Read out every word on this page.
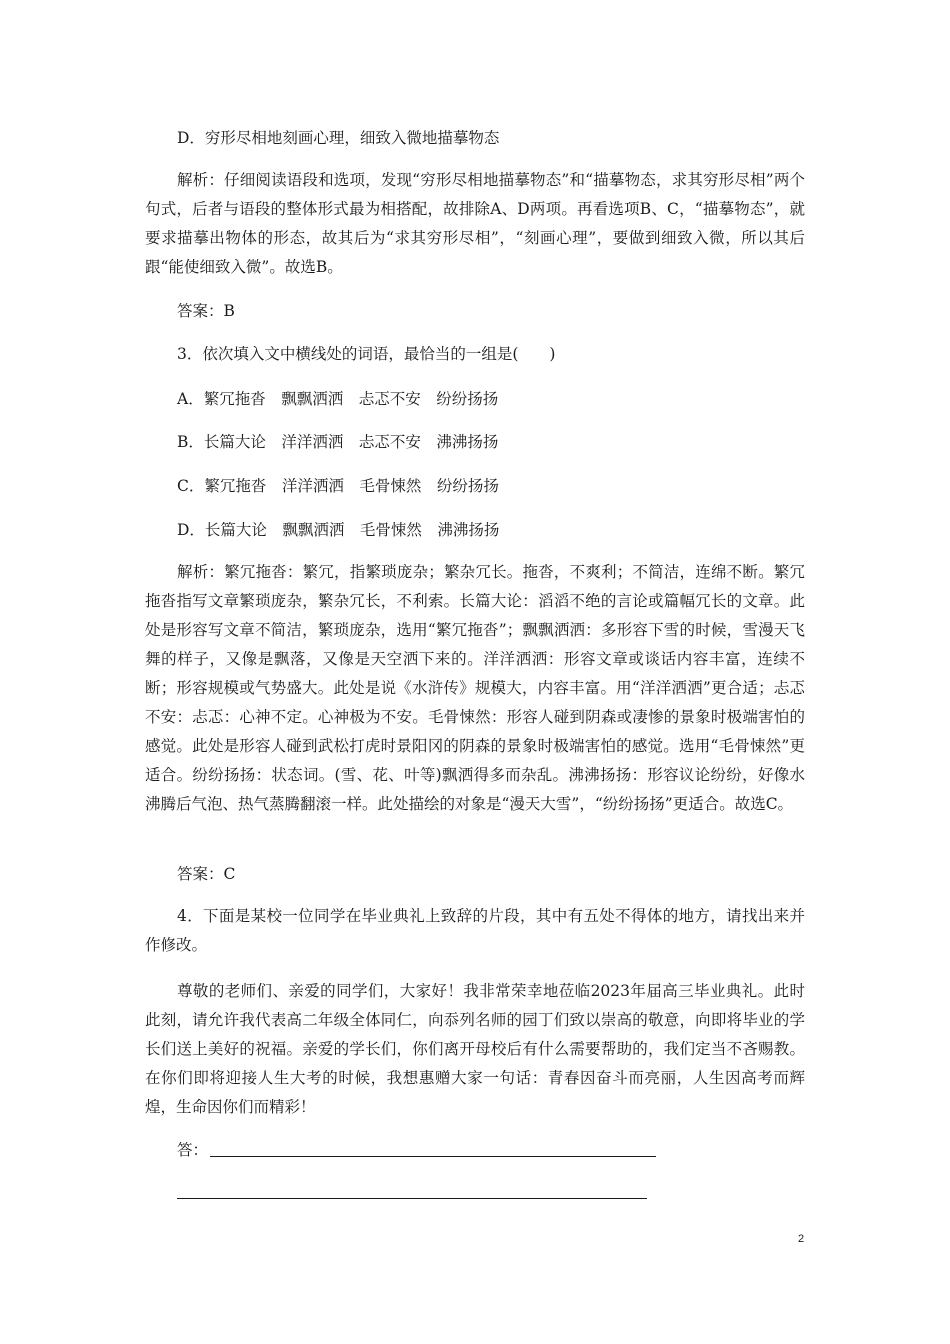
D．穷形尽相地刻画心理，细致入微地描摹物态

解析：仔细阅读语段和选项，发现“穷形尽相地描摹物态”和“描摹物态，求其穷形尽相”两个句式，后者与语段的整体形式最为相搭配，故排除A、D两项。再看选项B、C，“描摹物态”，就要求描摹出物体的形态，故其后为“求其穷形尽相”，“刻画心理”，要做到细致入微，所以其后跟“能使细致入微”。故选B。

答案：B
3．依次填入文中横线处的词语，最恰当的一组是(　　)
A．繁冗拖沓　飘飘洒洒　忐忑不安　纷纷扬扬
B．长篇大论　洋洋洒洒　忐忑不安　沸沸扬扬
C．繁冗拖沓　洋洋洒洒　毛骨悚然　纷纷扬扬
D．长篇大论　飘飘洒洒　毛骨悚然　沸沸扬扬

解析：繁冗拖沓：繁冗，指繁琐庞杂；繁杂冗长。拖沓，不爽利；不简洁，连绵不断。繁冗拖沓指写文章繁琐庞杂，繁杂冗长，不利索。长篇大论：滔滔不绝的言论或篇幅冗长的文章。此处是形容写文章不简洁，繁琐庞杂，选用“繁冗拖沓”；飘飘洒洒：多形容下雪的时候，雪漫天飞舞的样子，又像是飘落，又像是天空洒下来的。洋洋洒洒：形容文章或谈话内容丰富，连续不断；形容规模或气势盛大。此处是说《水浒传》规模大，内容丰富。用“洋洋洒洒”更合适；忐忑不安：忐忑：心神不定。心神极为不安。毛骨悚然：形容人碰到阴森或凄惨的景象时极端害怕的感觉。此处是形容人碰到武松打虎时景阳冈的阴森的景象时极端害怕的感觉。选用“毛骨悚然”更适合。纷纷扬扬：状态词。(雪、花、叶等)飘洒得多而杂乱。沸沸扬扬：形容议论纷纷，好像水沸腾后气泡、热气蒸腾翻滚一样。此处描绘的对象是“漫天大雪”，“纷纷扬扬”更适合。故选C。

答案：C

4．下面是某校一位同学在毕业典礼上致辞的片段，其中有五处不得体的地方，请找出来并作修改。

尊敬的老师们、亲爱的同学们，大家好！我非常荣幸地莅临2023年届高三毕业典礼。此时此刻，请允许我代表高二年级全体同仁，向忝列名师的园丁们致以崇高的敬意，向即将毕业的学长们送上美好的祝福。亲爱的学长们，你们离开母校后有什么需要帮助的，我们定当不吝赐教。在你们即将迎接人生大考的时候，我想惠赠大家一句话：青春因奋斗而亮丽，人生因高考而辉煌，生命因你们而精彩！

答：
2
